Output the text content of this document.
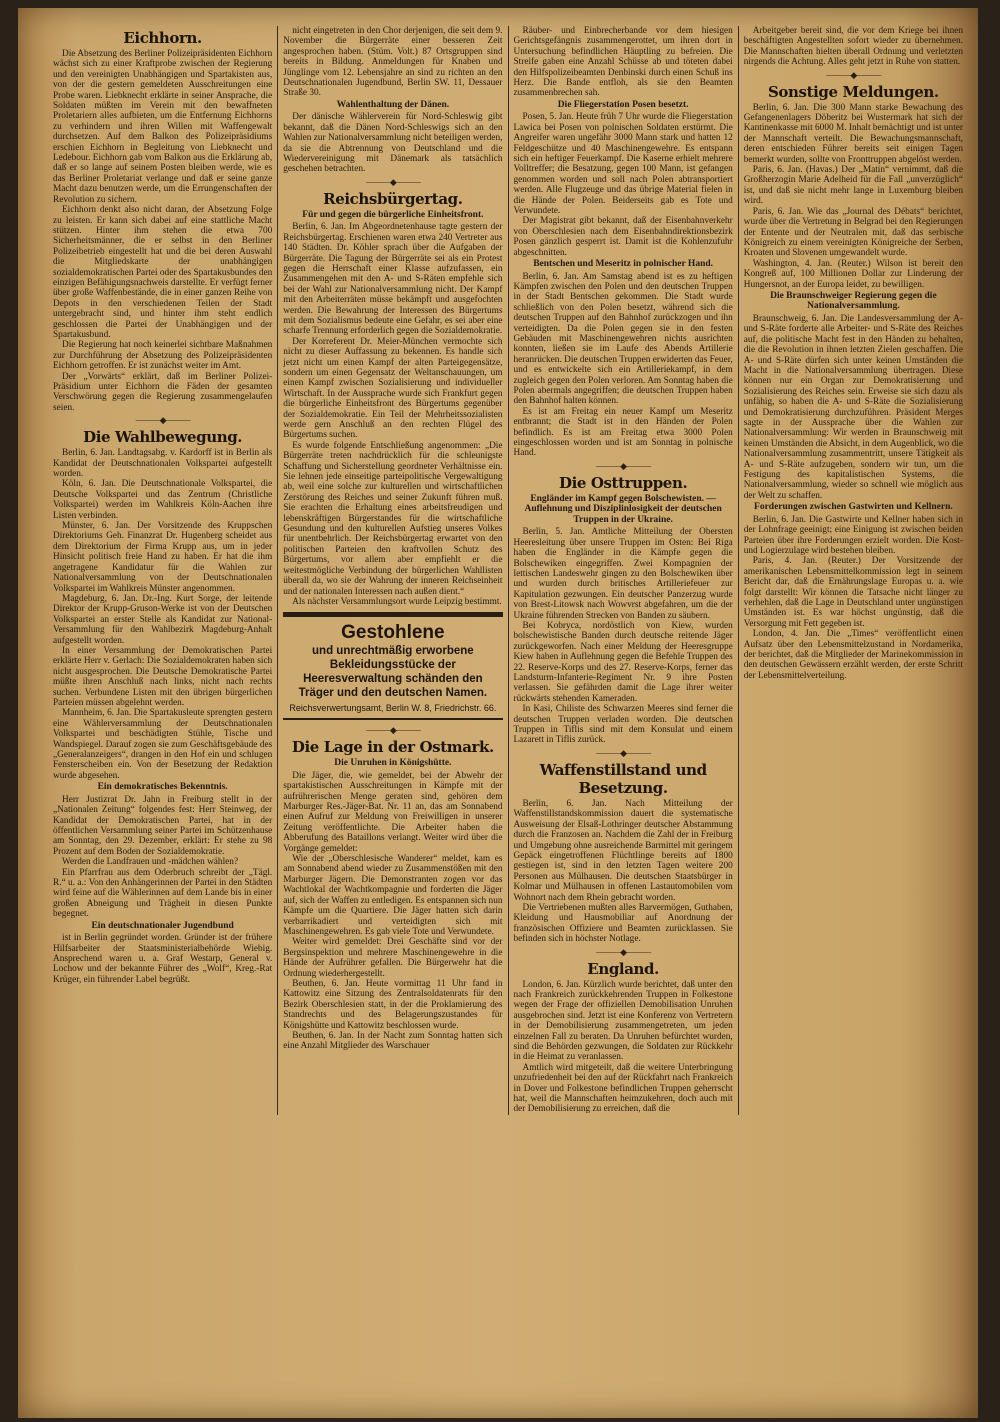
Eichhorn.

Die Absetzung des Berliner Polizeipräsidenten Eichhorn wächst sich zu einer Kraftprobe zwischen der Regierung und den vereinigten Unabhängigen und Spartakisten aus, von der die gestern gemeldeten Ausschreitungen eine Probe waren. Liebknecht erklärte in seiner Ansprache, die Soldaten müßten im Verein mit den bewaffneten Proletariern alles aufbieten, um die Entfernung Eichhorns zu verhindern und ihren Willen mit Waffengewalt durchsetzen. Auf dem Balkon des Polizeipräsidiums erschien Eichhorn in Begleitung von Liebknecht und Ledebour. Eichhorn gab vom Balkon aus die Erklärung ab, daß er so lange auf seinem Posten bleiben werde, wie es das Berliner Proletariat verlange und daß er seine ganze Macht dazu benutzen werde, um die Errungenschaften der Revolution zu sichern.

Eichhorn denkt also nicht daran, der Absetzung Folge zu leisten. Er kann sich dabei auf eine stattliche Macht stützen. Hinter ihm stehen die etwa 700 Sicherheitsmänner, die er selbst in den Berliner Polizeibetrieb eingestellt hat und die bei deren Auswahl die Mitgliedskarte der unabhängigen sozialdemokratischen Partei oder des Spartakusbundes den einzigen Befähigungsnachweis darstellte. Er verfügt ferner über große Waffenbestände, die in einer ganzen Reihe von Depots in den verschiedenen Teilen der Stadt untergebracht sind, und hinter ihm steht endlich geschlossen die Partei der Unabhängigen und der Spartakusbund.

Die Regierung hat noch keinerlei sichtbare Maßnahmen zur Durchführung der Absetzung des Polizeipräsidenten Eichhorn getroffen. Er ist zunächst weiter im Amt.

Der „Vorwärts“ erklärt, daß im Berliner Polizei-Präsidium unter Eichhorn die Fäden der gesamten Verschwörung gegen die Regierung zusammengelaufen seien.

———◆———
Die Wahlbewegung.

Berlin, 6. Jan. Landtagsabg. v. Kardorff ist in Berlin als Kandidat der Deutschnationalen Volkspartei aufgestellt worden.

Köln, 6. Jan. Die Deutschnationale Volkspartei, die Deutsche Volkspartei und das Zentrum (Christliche Volkspartei) werden im Wahlkreis Köln-Aachen ihre Listen verbinden.

Münster, 6. Jan. Der Vorsitzende des Kruppschen Direktoriums Geh. Finanzrat Dr. Hugenberg scheidet aus dem Direktorium der Firma Krupp aus, um in jeder Hinsicht politisch freie Hand zu haben. Er hat die ihm angetragene Kandidatur für die Wahlen zur Nationalversammlung von der Deutschnationalen Volkspartei im Wahlkreis Münster angenommen.

Magdeburg, 6. Jan. Dr.-Ing. Kurt Sorge, der leitende Direktor der Krupp-Gruson-Werke ist von der Deutschen Volkspartei an erster Stelle als Kandidat zur National-Versammlung für den Wahlbezirk Magdeburg-Anhalt aufgestellt worden.

In einer Versammlung der Demokratischen Partei erklärte Herr v. Gerlach: Die Sozialdemokraten haben sich nicht ausgesprochen. Die Deutsche Demokratische Partei müßte ihren Anschluß nach links, nicht nach rechts suchen. Verbundene Listen mit den übrigen bürgerlichen Parteien müssen abgelehnt werden.

Mannheim, 6. Jan. Die Spartakusleute sprengten gestern eine Wählerversammlung der Deutschnationalen Volkspartei und beschädigten Stühle, Tische und Wandspiegel. Darauf zogen sie zum Geschäftsgebäude des „Generalanzeigers“, drangen in den Hof ein und schlugen Fensterscheiben ein. Von der Besetzung der Redaktion wurde abgesehen.

Ein demokratisches Bekenntnis.

Herr Justizrat Dr. Jahn in Freiburg stellt in der „Nationalen Zeitung“ folgendes fest: Herr Steinweg, der Kandidat der Demokratischen Partei, hat in der öffentlichen Versammlung seiner Partei im Schützenhause am Sonntag, den 29. Dezember, erklärt: Er stehe zu 98 Prozent auf dem Boden der Sozialdemokratie.

Werden die Landfrauen und -mädchen wählen?

Ein Pfarrfrau aus dem Oderbruch schreibt der „Tägl. R.“ u. a.: Von den Anhängerinnen der Partei in den Städten wird feine auf die Wählerinnen auf dem Lande bis in einer großen Abneigung und Trägheit in diesen Punkte begegnet.

Ein deutschnationaler Jugendbund

ist in Berlin gegründet worden. Gründer ist der frühere Hilfsarbeiter der Staatsministerialbehörde Wiebig. Ansprechend waren u. a. Graf Westarp, General v. Lochow und der bekannte Führer des „Wolf“, Kreg.-Rat Krüger, ein führender Label begrüßt.

nicht eingetreten in den Chor derjenigen, die seit dem 9. November die Bürgerräte einer besseren Zeit angesprochen haben. (Stüm. Volt.) 87 Ortsgruppen sind bereits in Bildung. Anmeldungen für Knaben und Jünglinge vom 12. Lebensjahre an sind zu richten an den Deutschnationalen Jugendbund, Berlin SW. 11, Dessauer Straße 30.

Wahlenthaltung der Dänen.

Der dänische Wählerverein für Nord-Schleswig gibt bekannt, daß die Dänen Nord-Schleswigs sich an den Wahlen zur Nationalversammlung nicht beteiligen werden, da sie die Abtrennung von Deutschland und die Wiedervereinigung mit Dänemark als tatsächlich geschehen betrachten.

———◆———
Reichsbürgertag.
Für und gegen die bürgerliche Einheitsfront.

Berlin, 6. Jan. Im Abgeordnetenhause tagte gestern der Reichsbürgertag. Erschienen waren etwa 240 Vertreter aus 140 Städten. Dr. Köhler sprach über die Aufgaben der Bürgerräte. Die Tagung der Bürgerräte sei als ein Protest gegen die Herrschaft einer Klasse aufzufassen, ein Zusammengehen mit den A- und S-Räten empfehle sich bei der Wahl zur Nationalversammlung nicht. Der Kampf mit den Arbeiterräten müsse bekämpft und ausgefochten werden. Die Bewahrung der Interessen des Bürgertums mit dem Sozialismus bedeute eine Gefahr, es sei aber eine scharfe Trennung erforderlich gegen die Sozialdemokratie.

Der Korreferent Dr. Meier-München vermochte sich nicht zu dieser Auffassung zu bekennen. Es handle sich jetzt nicht um einen Kampf der alten Parteigegensätze, sondern um einen Gegensatz der Weltanschauungen, um einen Kampf zwischen Sozialisierung und individueller Wirtschaft. In der Aussprache wurde sich Frankfurt gegen die bürgerliche Einheitsfront des Bürgertums gegenüber der Sozialdemokratie. Ein Teil der Mehrheitssozialisten werde gern Anschluß an den rechten Flügel des Bürgertums suchen.

Es wurde folgende Entschließung angenommen: „Die Bürgerräte treten nachdrücklich für die schleunigste Schaffung und Sicherstellung geordneter Verhältnisse ein. Sie lehnen jede einseitige parteipolitische Vergewaltigung ab, weil eine solche zur kulturellen und wirtschaftlichen Zerstörung des Reiches und seiner Zukunft führen muß. Sie erachten die Erhaltung eines arbeitsfreudigen und lebenskräftigen Bürgerstandes für die wirtschaftliche Gesundung und den kulturellen Aufstieg unseres Volkes für unentbehrlich. Der Reichsbürgertag erwartet von den politischen Parteien den kraftvollen Schutz des Bürgertums, vor allem aber empfiehlt er die weitestmögliche Verbindung der bürgerlichen Wahllisten überall da, wo sie der Wahrung der inneren Reichseinheit und der nationalen Interessen nach außen dient.“

Als nächster Versammlungsort wurde Leipzig bestimmt.

Gestohlene
und unrechtmäßig erworbene
Bekleidungsstücke der Heeresverwaltung schänden den Träger und den deutschen Namen.
Reichsverwertungsamt, Berlin W. 8, Friedrichstr. 66.
———◆———
Die Lage in der Ostmark.
Die Unruhen in Königshütte.

Die Jäger, die, wie gemeldet, bei der Abwehr der spartakistischen Ausschreitungen in Kämpfe mit der aufrührerischen Menge geraten sind, gehören dem Marburger Res.-Jäger-Bat. Nr. 11 an, das am Sonnabend einen Aufruf zur Meldung von Freiwilligen in unserer Zeitung veröffentlichte. Die Arbeiter haben die Abberufung des Bataillons verlangt. Weiter wird über die Vorgänge gemeldet:

Wie der „Oberschlesische Wanderer“ meldet, kam es am Sonnabend abend wieder zu Zusammenstößen mit den Marburger Jägern. Die Demonstranten zogen vor das Wachtlokal der Wachtkompagnie und forderten die Jäger auf, sich der Waffen zu entledigen. Es entspannen sich nun Kämpfe um die Quartiere. Die Jäger hatten sich darin verbarrikadiert und verteidigten sich mit Maschinengewehren. Es gab viele Tote und Verwundete.

Weiter wird gemeldet: Drei Geschäfte sind vor der Bergsinspektion und mehrere Maschinengewehre in die Hände der Aufrührer gefallen. Die Bürgerwehr hat die Ordnung wiederhergestellt.

Beuthen, 6. Jan. Heute vormittag 11 Uhr fand in Kattowitz eine Sitzung des Zentralsoldatenrats für den Bezirk Oberschlesien statt, in der die Proklamierung des Standrechts und des Belagerungszustandes für Königshütte und Kattowitz beschlossen wurde.

Beuthen, 6. Jan. In der Nacht zum Sonntag hatten sich eine Anzahl Mitglieder des Warschauer

Räuber- und Einbrecherbande vor dem hiesigen Gerichtsgefängnis zusammengerottet, um ihren dort in Untersuchung befindlichen Häuptling zu befreien. Die Streife gaben eine Anzahl Schüsse ab und töteten dabei den Hilfspolizeibeamten Denbinski durch einen Schuß ins Herz. Die Bande entfloh, als sie den Beamten zusammenbrechen sah.

Die Fliegerstation Posen besetzt.

Posen, 5. Jan. Heute früh 7 Uhr wurde die Fliegerstation Lawica bei Posen von polnischen Soldaten erstürmt. Die Angreifer waren ungefähr 3000 Mann stark und hatten 12 Feldgeschütze und 40 Maschinengewehre. Es entspann sich ein heftiger Feuerkampf. Die Kaserne erhielt mehrere Volltreffer; die Besatzung, gegen 100 Mann, ist gefangen genommen worden und soll nach Polen abtransportiert werden. Alle Flugzeuge und das übrige Material fielen in die Hände der Polen. Beiderseits gab es Tote und Verwundete.

Der Magistrat gibt bekannt, daß der Eisenbahnverkehr von Oberschlesien nach dem Eisenbahndirektionsbezirk Posen gänzlich gesperrt ist. Damit ist die Kohlenzufuhr abgeschnitten.

Bentschen und Meseritz in polnischer Hand.

Berlin, 6. Jan. Am Samstag abend ist es zu heftigen Kämpfen zwischen den Polen und den deutschen Truppen in der Stadt Bentschen gekommen. Die Stadt wurde schließlich von den Polen besetzt, während sich die deutschen Truppen auf den Bahnhof zurückzogen und ihn verteidigten. Da die Polen gegen sie in den festen Gebäuden mit Maschinengewehren nichts ausrichten konnten, ließen sie im Laufe des Abends Artillerie heranrücken. Die deutschen Truppen erwiderten das Feuer, und es entwickelte sich ein Artilleriekampf, in dem zugleich gegen den Polen verloren. Am Sonntag haben die Polen abermals angegriffen; die deutschen Truppen haben den Bahnhof halten können.

Es ist am Freitag ein neuer Kampf um Meseritz entbrannt; die Stadt ist in den Händen der Polen befindlich. Es ist am Freitag etwa 3000 Polen eingeschlossen worden und ist am Sonntag in polnische Hand.

———◆———
Die Osttruppen.
Engländer im Kampf gegen Bolschewisten. — Auflehnung und Disziplinlosigkeit der deutschen Truppen in der Ukraine.

Berlin, 5. Jan. Amtliche Mitteilung der Obersten Heeresleitung über unsere Truppen im Osten: Bei Riga haben die Engländer in die Kämpfe gegen die Bolschewiken eingegriffen. Zwei Kompagnien der lettischen Landeswehr gingen zu den Bolschewiken über und wurden durch britisches Artilleriefeuer zur Kapitulation gezwungen. Ein deutscher Panzerzug wurde von Brest-Litowsk nach Wowvrst abgefahren, um die der Ukraine führenden Strecken von Banden zu säubern.

Bei Kobryca, nordöstlich von Kiew, wurden bolschewistische Banden durch deutsche reitende Jäger zurückgeworfen. Nach einer Meldung der Heeresgruppe Kiew haben in Auflehnung gegen die Befehle Truppen des 22. Reserve-Korps und des 27. Reserve-Korps, ferner das Landsturm-Infanterie-Regiment Nr. 9 ihre Posten verlassen. Sie gefährden damit die Lage ihrer weiter rückwärts stehenden Kameraden.

In Kasi, Chiliste des Schwarzen Meeres sind ferner die deutschen Truppen verladen worden. Die deutschen Truppen in Tiflis sind mit dem Konsulat und einem Lazarett in Tiflis zurück.

———◆———
Waffenstillstand und Besetzung.

Berlin, 6. Jan. Nach Mitteilung der Waffenstillstandskommission dauert die systematische Ausweisung der Elsaß-Lothringer deutscher Abstammung durch die Franzosen an. Nachdem die Zahl der in Freiburg und Umgebung ohne ausreichende Barmittel mit geringem Gepäck eingetroffenen Flüchtlinge bereits auf 1800 gestiegen ist, sind in den letzten Tagen weitere 200 Personen aus Mülhausen. Die deutschen Staatsbürger in Kolmar und Mülhausen in offenen Lastautomobilen vom Wohnort nach dem Rhein gebracht worden.

Die Vertriebenen mußten alles Barvermögen, Guthaben, Kleidung und Hausmobiliar auf Anordnung der französischen Offiziere und Beamten zurücklassen. Sie befinden sich in höchster Notlage.

———◆———
England.

London, 6. Jan. Kürzlich wurde berichtet, daß unter den nach Frankreich zurückkehrenden Truppen in Folkestone wegen der Frage der offiziellen Demobilisation Unruhen ausgebrochen sind. Jetzt ist eine Konferenz von Vertretern in der Demobilisierung zusammengetreten, um jeden einzelnen Fall zu beraten. Da Unruhen befürchtet wurden, sind die Behörden gezwungen, die Soldaten zur Rückkehr in die Heimat zu veranlassen.

Amtlich wird mitgeteilt, daß die weitere Unterbringung unzufriedenheit bei den auf der Rückfahrt nach Frankreich in Dover und Folkestone befindlichen Truppen geherrscht hat, weil die Mannschaften heimzukehren, doch auch mit der Demobilisierung zu erreichen, daß die

Arbeitgeber bereit sind, die vor dem Kriege bei ihnen beschäftigten Angestellten sofort wieder zu übernehmen. Die Mannschaften hielten überall Ordnung und verletzten nirgends die Achtung. Alles geht jetzt in Ruhe von statten.

———◆———
Sonstige Meldungen.

Berlin, 6. Jan. Die 300 Mann starke Bewachung des Gefangenenlagers Döberitz bei Wustermark hat sich der Kantinenkasse mit 6000 M. Inhalt bemächtigt und ist unter der Mannschaft verteilt. Die Bewachungsmannschaft, deren entschieden Führer bereits seit einigen Tagen bemerkt wurden, sollte von Fronttruppen abgelöst werden.

Paris, 6. Jan. (Havas.) Der „Matin“ vernimmt, daß die Großherzogin Marie Adelheid für die Fall „unverzüglich“ ist, und daß sie nicht mehr lange in Luxemburg bleiben wird.

Paris, 6. Jan. Wie das „Journal des Débats“ berichtet, wurde über die Vertretung in Belgrad bei den Regierungen der Entente und der Neutralen mit, daß das serbische Königreich zu einem vereinigten Königreiche der Serben, Kroaten und Slovenen umgewandelt wurde.

Washington, 4. Jan. (Reuter.) Wilson ist bereit den Kongreß auf, 100 Millionen Dollar zur Linderung der Hungersnot, an der Europa leidet, zu bewilligen.

Die Braunschweiger Regierung gegen die Nationalversammlung.

Braunschweig, 6. Jan. Die Landesversammlung der A- und S-Räte forderte alle Arbeiter- und S-Räte des Reiches auf, die politische Macht fest in den Händen zu behalten, die die Revolution in ihnen letzten Zielen geschaffen. Die A- und S-Räte dürfen sich unter keinen Umständen die Macht in die Nationalversammlung übertragen. Diese können nur ein Organ zur Demokratisierung und Sozialisierung des Reiches sein. Erweise sie sich dazu als unfähig, so haben die A- und S-Räte die Sozialisierung und Demokratisierung durchzuführen. Präsident Merges sagte in der Aussprache über die Wahlen zur Nationalversammlung: Wir werden in Braunschweig mit keinen Umständen die Absicht, in dem Augenblick, wo die Nationalversammlung zusammentritt, unsere Tätigkeit als A- und S-Räte aufzugeben, sondern wir tun, um die Festigung des kapitalistischen Systems, die Nationalversammlung, wieder so schnell wie möglich aus der Welt zu schaffen.

Forderungen zwischen Gastwirten und Kellnern.

Berlin, 6. Jan. Die Gastwirte und Kellner haben sich in der Lohnfrage geeinigt; eine Einigung ist zwischen beiden Parteien über ihre Forderungen erzielt worden. Die Kost- und Logierzulage wird bestehen bleiben.

Paris, 4. Jan. (Reuter.) Der Vorsitzende der amerikanischen Lebensmittelkommission legt in seinem Bericht dar, daß die Ernährungslage Europas u. a. wie folgt darstellt: Wir können die Tatsache nicht länger zu verhehlen, daß die Lage in Deutschland unter ungünstigen Umständen ist. Es war höchst ungünstig, daß die Versorgung mit Fett gegeben ist.

London, 4. Jan. Die „Times“ veröffentlicht einen Aufsatz über den Lebensmittelzustand in Nordamerika, der berichtet, daß die Mitglieder der Marinekommission in den deutschen Gewässern erzählt werden, der erste Schritt der Lebensmittelverteilung.
